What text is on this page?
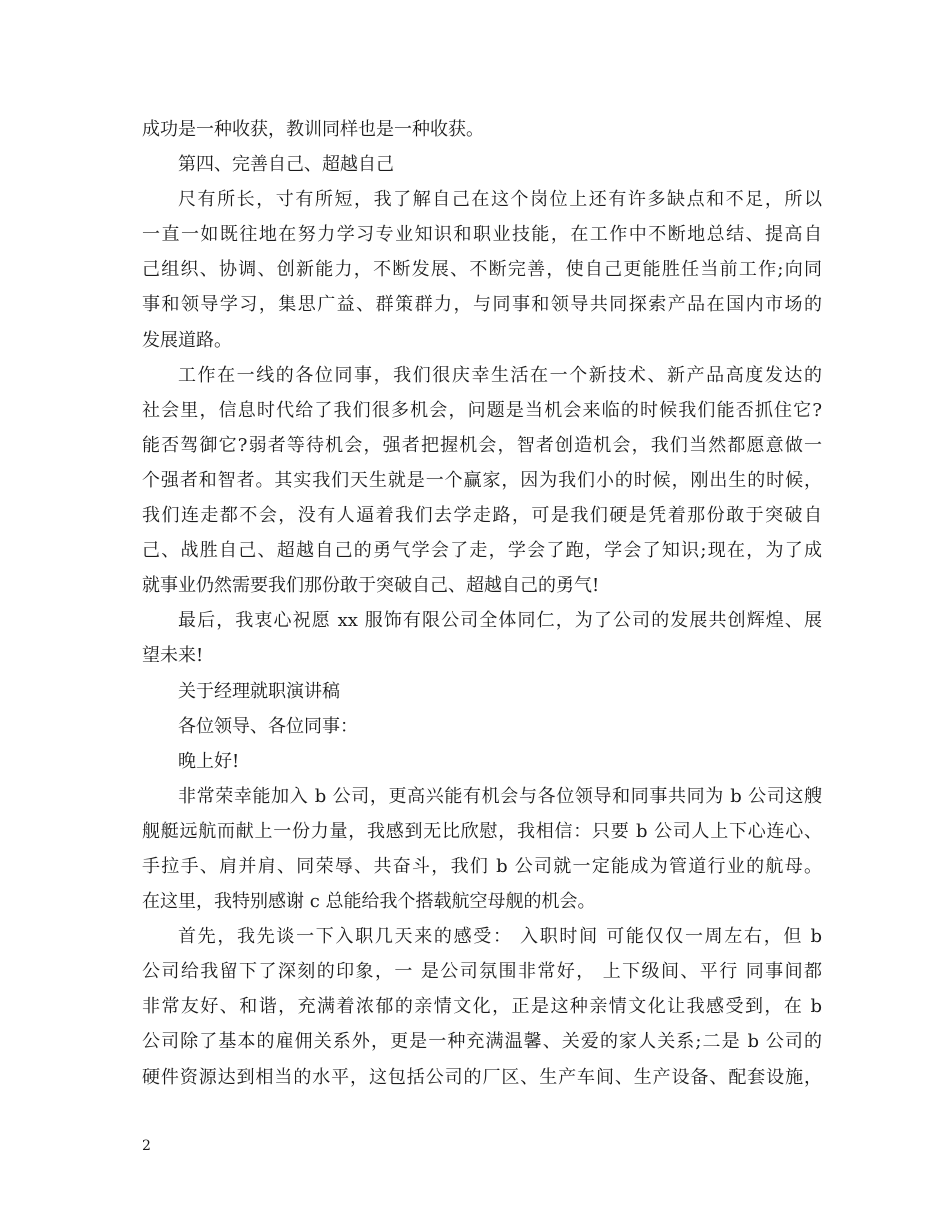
成功是一种收获，教训同样也是一种收获。
第四、完善自己、超越自己
尺有所长，寸有所短，我了解自己在这个岗位上还有许多缺点和不足，所以
一直一如既往地在努力学习专业知识和职业技能，在工作中不断地总结、提高自
己组织、协调、创新能力，不断发展、不断完善，使自己更能胜任当前工作;向同
事和领导学习，集思广益、群策群力，与同事和领导共同探索产品在国内市场的
发展道路。
工作在一线的各位同事，我们很庆幸生活在一个新技术、新产品高度发达的
社会里，信息时代给了我们很多机会，问题是当机会来临的时候我们能否抓住它?
能否驾御它?弱者等待机会，强者把握机会，智者创造机会，我们当然都愿意做一
个强者和智者。其实我们天生就是一个赢家，因为我们小的时候，刚出生的时候，
我们连走都不会，没有人逼着我们去学走路，可是我们硬是凭着那份敢于突破自
己、战胜自己、超越自己的勇气学会了走，学会了跑，学会了知识;现在，为了成
就事业仍然需要我们那份敢于突破自己、超越自己的勇气!
最后，我衷心祝愿 xx 服饰有限公司全体同仁，为了公司的发展共创辉煌、展
望未来!
关于经理就职演讲稿
各位领导、各位同事：
晚上好!
非常荣幸能加入 b 公司，更高兴能有机会与各位领导和同事共同为 b 公司这艘
舰艇远航而献上一份力量，我感到无比欣慰，我相信：只要 b 公司人上下心连心、
手拉手、肩并肩、同荣辱、共奋斗，我们 b 公司就一定能成为管道行业的航母。
在这里，我特别感谢 c 总能给我个搭载航空母舰的机会。
首先，我先谈一下入职几天来的感受： 入职时间 可能仅仅一周左右，但 b
公司给我留下了深刻的印象，一 是公司氛围非常好， 上下级间、平行 同事间都
非常友好、和谐，充满着浓郁的亲情文化，正是这种亲情文化让我感受到，在 b
公司除了基本的雇佣关系外，更是一种充满温馨、关爱的家人关系;二是 b 公司的
硬件资源达到相当的水平，这包括公司的厂区、生产车间、生产设备、配套设施，
2
